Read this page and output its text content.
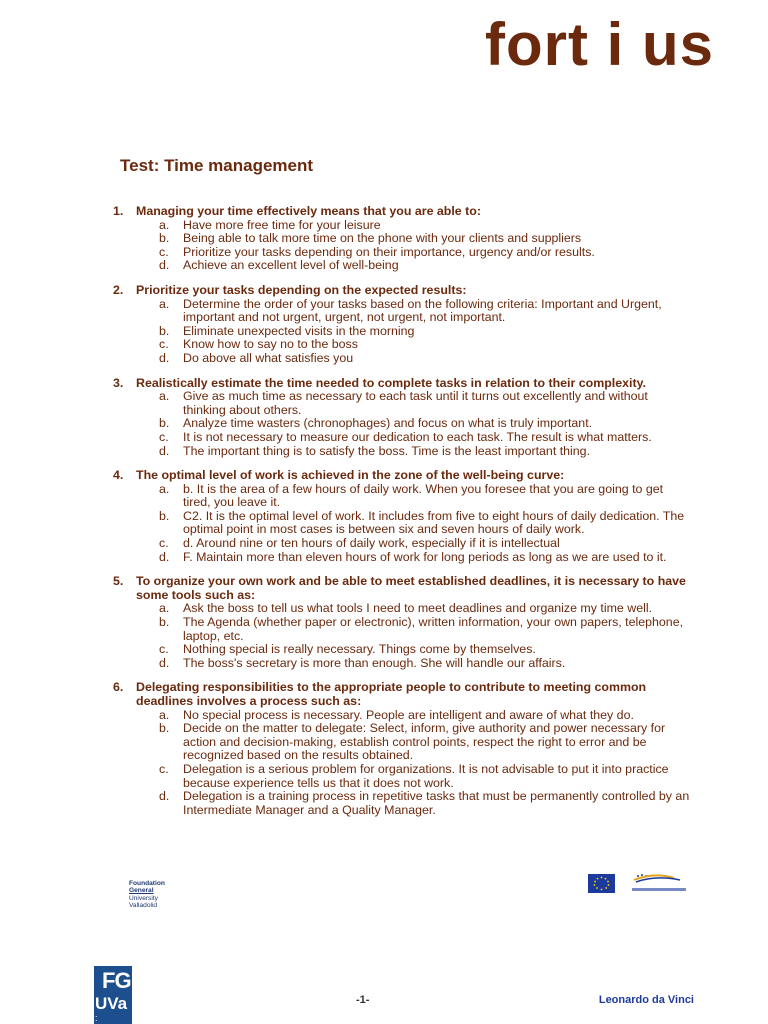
fort i us
Test: Time management
1. Managing your time effectively means that you are able to:
a. Have more free time for your leisure
b. Being able to talk more time on the phone with your clients and suppliers
c. Prioritize your tasks depending on their importance, urgency and/or results.
d. Achieve an excellent level of well-being
2. Prioritize your tasks depending on the expected results:
a. Determine the order of your tasks based on the following criteria: Important and Urgent, important and not urgent, urgent, not urgent, not important.
b. Eliminate unexpected visits in the morning
c. Know how to say no to the boss
d. Do above all what satisfies you
3. Realistically estimate the time needed to complete tasks in relation to their complexity.
a. Give as much time as necessary to each task until it turns out excellently and without thinking about others.
b. Analyze time wasters (chronophages) and focus on what is truly important.
c. It is not necessary to measure our dedication to each task. The result is what matters.
d. The important thing is to satisfy the boss. Time is the least important thing.
4. The optimal level of work is achieved in the zone of the well-being curve:
a. b. It is the area of a few hours of daily work. When you foresee that you are going to get tired, you leave it.
b. C2. It is the optimal level of work. It includes from five to eight hours of daily dedication. The optimal point in most cases is between six and seven hours of daily work.
c. d. Around nine or ten hours of daily work, especially if it is intellectual
d. F. Maintain more than eleven hours of work for long periods as long as we are used to it.
5. To organize your own work and be able to meet established deadlines, it is necessary to have some tools such as:
a. Ask the boss to tell us what tools I need to meet deadlines and organize my time well.
b. The Agenda (whether paper or electronic), written information, your own papers, telephone, laptop, etc.
c. Nothing special is really necessary. Things come by themselves.
d. The boss's secretary is more than enough. She will handle our affairs.
6. Delegating responsibilities to the appropriate people to contribute to meeting common deadlines involves a process such as:
a. No special process is necessary. People are intelligent and aware of what they do.
b. Decide on the matter to delegate: Select, inform, give authority and power necessary for action and decision-making, establish control points, respect the right to error and be recognized based on the results obtained.
c. Delegation is a serious problem for organizations. It is not advisable to put it into practice because experience tells us that it does not work.
d. Delegation is a training process in repetitive tasks that must be permanently controlled by an Intermediate Manager and a Quality Manager.
Foundation
General
University
Valladolid
FG
UVa
:
-1-	Leonardo da Vinci
